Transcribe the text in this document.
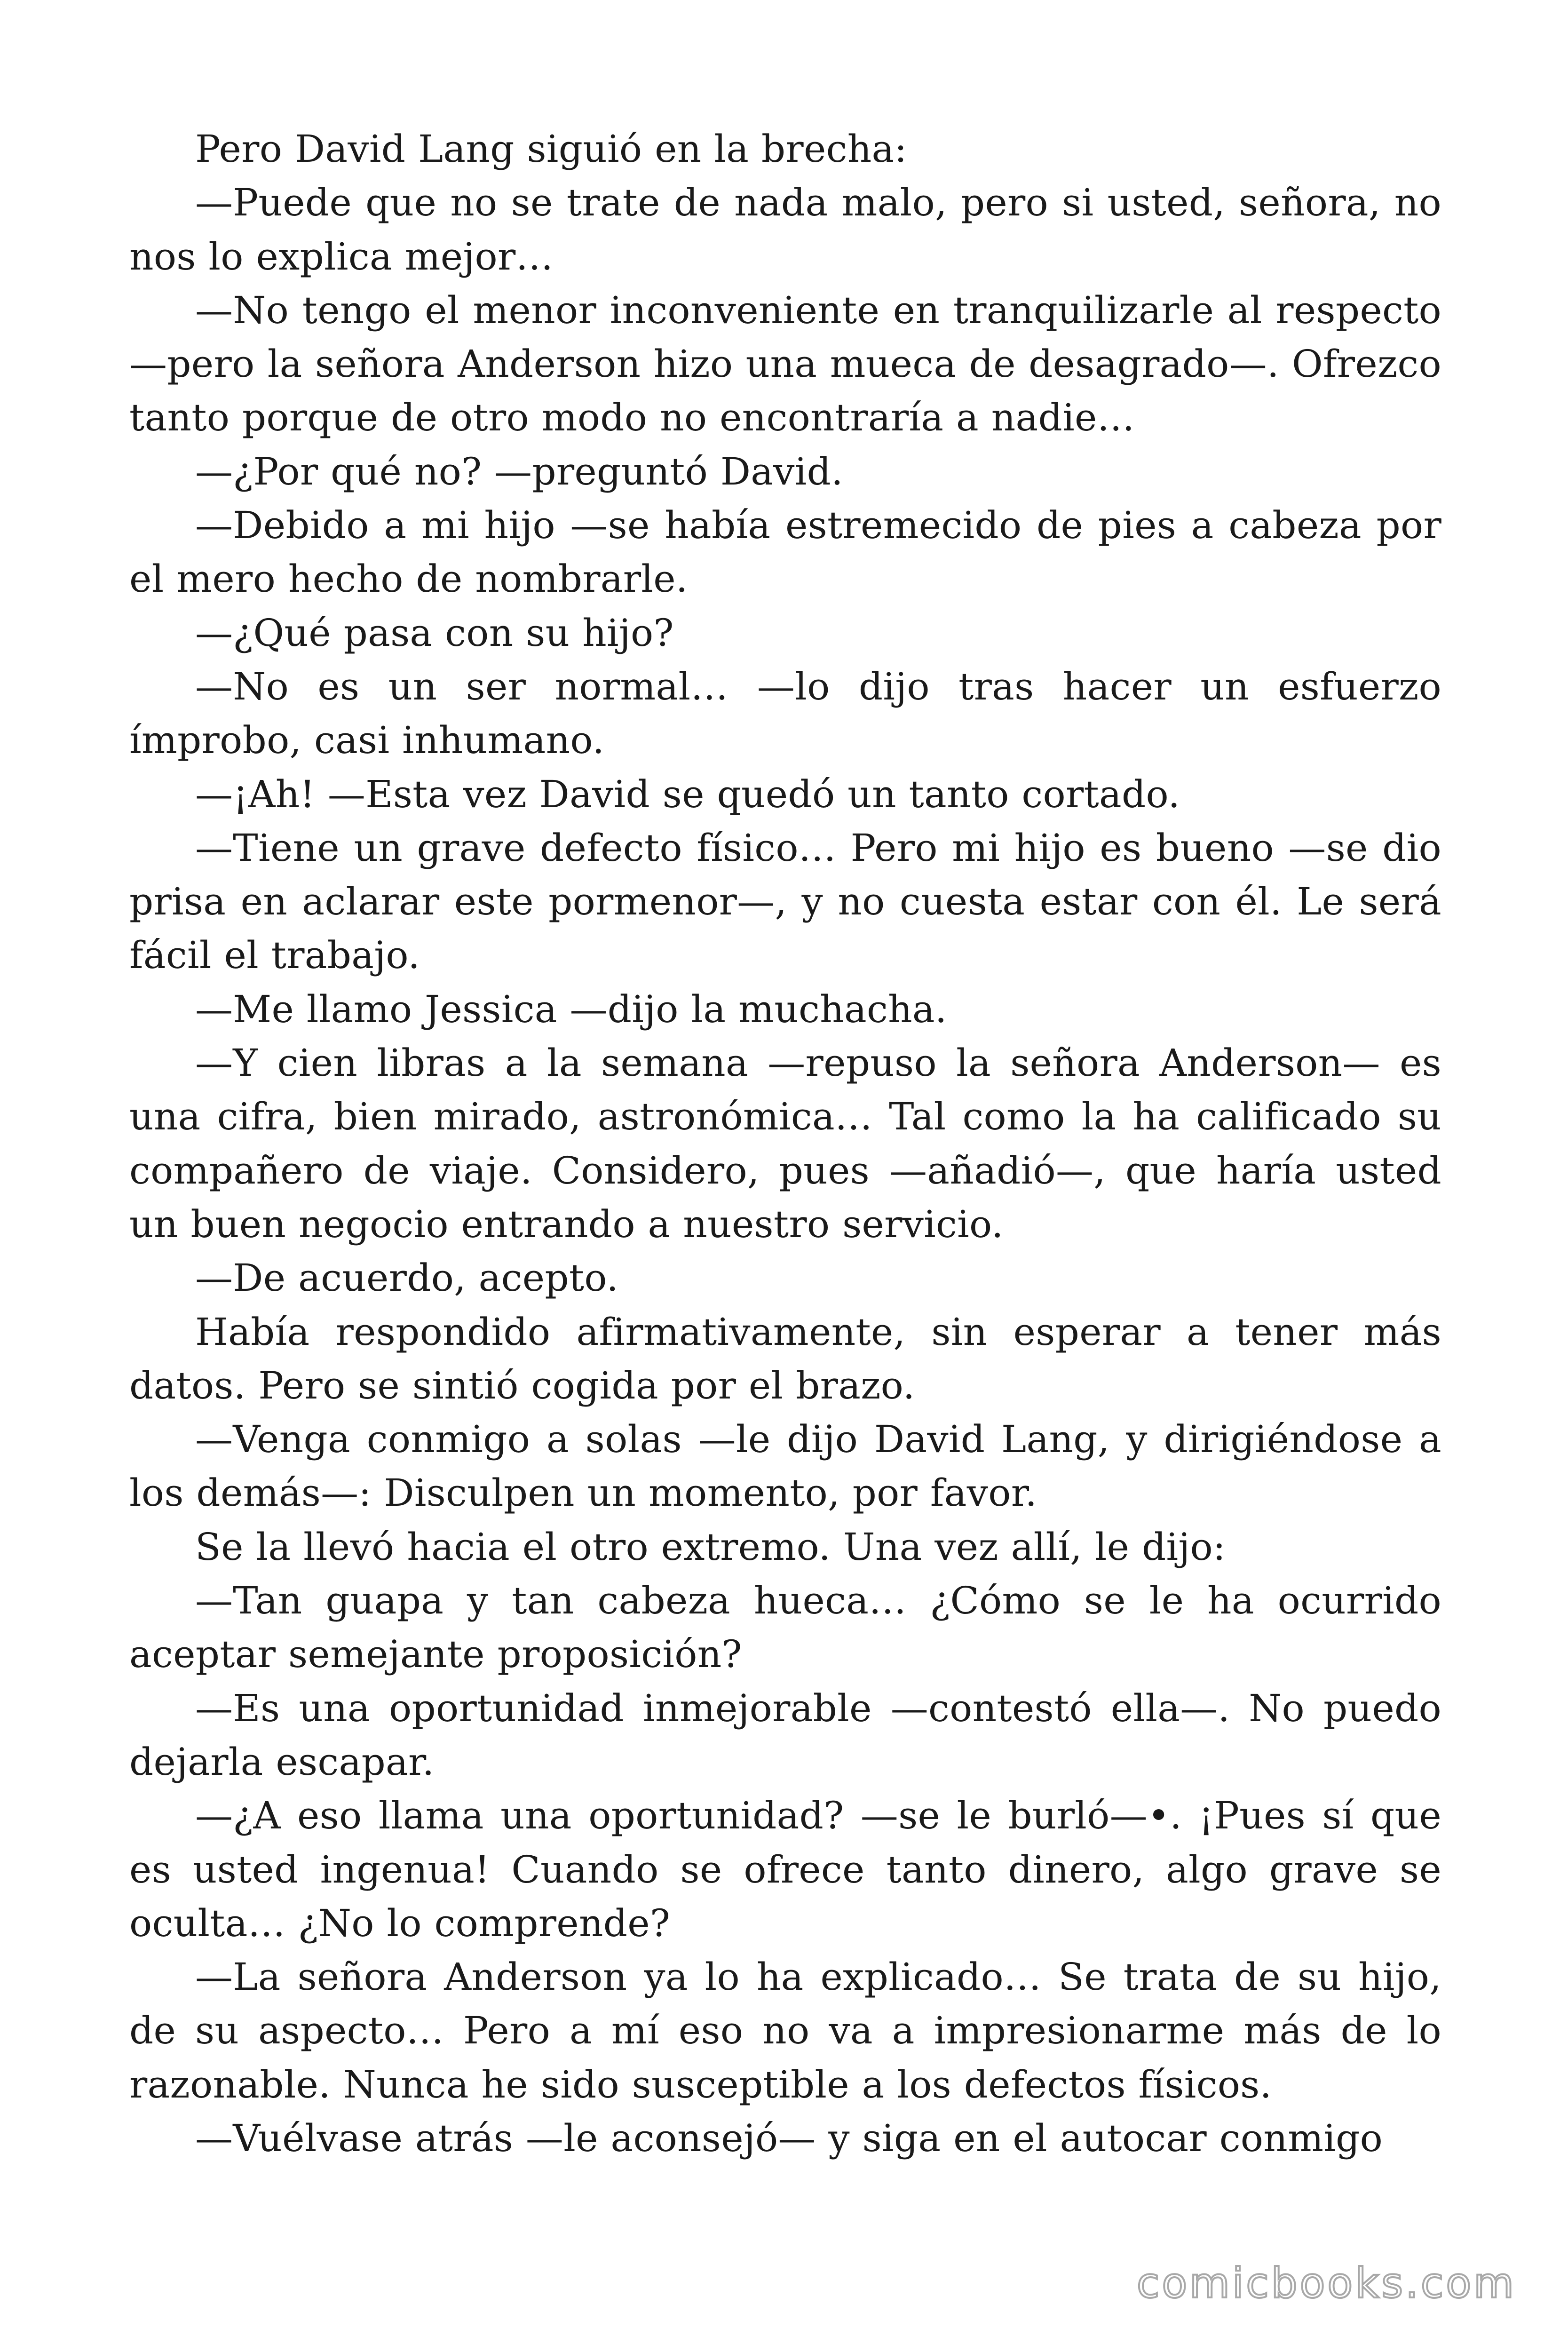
Pero David Lang siguió en la brecha:

—Puede que no se trate de nada malo, pero si usted, señora, no nos lo explica mejor…

—No tengo el menor inconveniente en tranquilizarle al respecto —pero la señora Anderson hizo una mueca de desagrado—. Ofrezco tanto porque de otro modo no encontraría a nadie…

—¿Por qué no? —preguntó David.

—Debido a mi hijo —se había estremecido de pies a cabeza por el mero hecho de nombrarle.

—¿Qué pasa con su hijo?

—No es un ser normal… —lo dijo tras hacer un esfuerzo ímprobo, casi inhumano.

—¡Ah! —Esta vez David se quedó un tanto cortado.

—Tiene un grave defecto físico… Pero mi hijo es bueno —se dio prisa en aclarar este pormenor—, y no cuesta estar con él. Le será fácil el trabajo.

—Me llamo Jessica —dijo la muchacha.

—Y cien libras a la semana —repuso la señora Anderson— es una cifra, bien mirado, astronómica… Tal como la ha calificado su compañero de viaje. Considero, pues —añadió—, que haría usted un buen negocio entrando a nuestro servicio.

—De acuerdo, acepto.

Había respondido afirmativamente, sin esperar a tener más datos. Pero se sintió cogida por el brazo.

—Venga conmigo a solas —le dijo David Lang, y dirigiéndose a los demás—: Disculpen un momento, por favor.

Se la llevó hacia el otro extremo. Una vez allí, le dijo:

—Tan guapa y tan cabeza hueca… ¿Cómo se le ha ocurrido aceptar semejante proposición?

—Es una oportunidad inmejorable —contestó ella—. No puedo dejarla escapar.

—¿A eso llama una oportunidad? —se le burló—•. ¡Pues sí que es usted ingenua! Cuando se ofrece tanto dinero, algo grave se oculta… ¿No lo comprende?

—La señora Anderson ya lo ha explicado… Se trata de su hijo, de su aspecto… Pero a mí eso no va a impresionarme más de lo razonable. Nunca he sido susceptible a los defectos físicos.

—Vuélvase atrás —le aconsejó— y siga en el autocar conmigo

comicbooks.com
